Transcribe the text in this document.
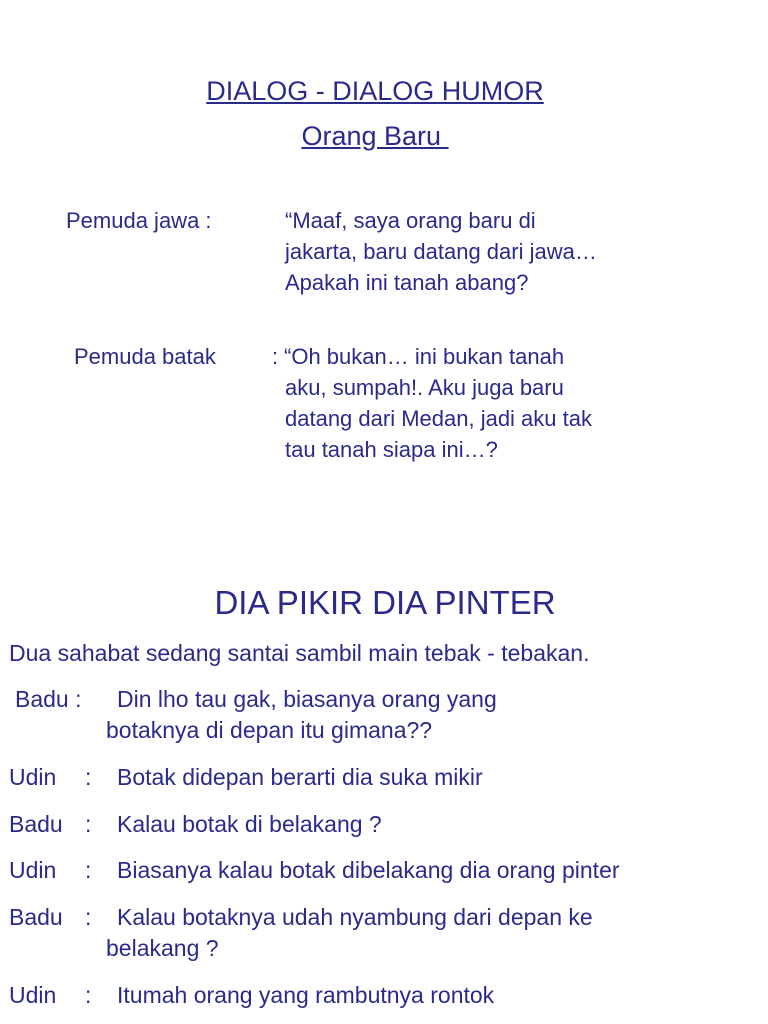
DIALOG - DIALOG HUMOR
Orang Baru
Pemuda jawa :	“Maaf, saya orang baru di
jakarta, baru datang dari jawa…
Apakah ini tanah abang?
Pemuda batak	: “Oh bukan… ini bukan tanah
aku, sumpah!. Aku juga baru
datang dari Medan, jadi aku tak
tau tanah siapa ini…?
DIA PIKIR DIA PINTER
Dua sahabat sedang santai sambil main tebak - tebakan.
Badu : Din lho tau gak, biasanya orang yang
botaknya di depan itu gimana??
Udin : Botak didepan berarti dia suka mikir
Badu : Kalau botak di belakang ?
Udin : Biasanya kalau botak dibelakang dia orang pinter
Badu : Kalau botaknya udah nyambung dari depan ke
belakang ?
Udin : Itumah orang yang rambutnya rontok
